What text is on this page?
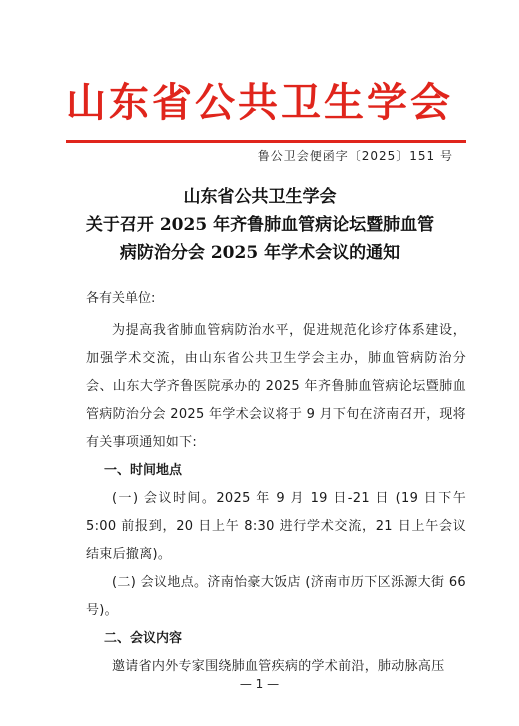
山东省公共卫生学会
鲁公卫会便函字〔2025〕151 号
山东省公共卫生学会
关于召开 2025 年齐鲁肺血管病论坛暨肺血管
病防治分会 2025 年学术会议的通知
各有关单位:
为提高我省肺血管病防治水平，促进规范化诊疗体系建设，加强学术交流，由山东省公共卫生学会主办，肺血管病防治分会、山东大学齐鲁医院承办的 2025 年齐鲁肺血管病论坛暨肺血管病防治分会 2025 年学术会议将于 9 月下旬在济南召开，现将有关事项通知如下:
一、时间地点
(一) 会议时间。2025 年 9 月 19 日-21 日 (19 日下午 5:00 前报到，20 日上午 8:30 进行学术交流，21 日上午会议结束后撤离)。
(二) 会议地点。济南怡豪大饭店 (济南市历下区泺源大街 66 号)。
二、会议内容
邀请省内外专家围绕肺血管疾病的学术前沿，肺动脉高压
— 1 —
